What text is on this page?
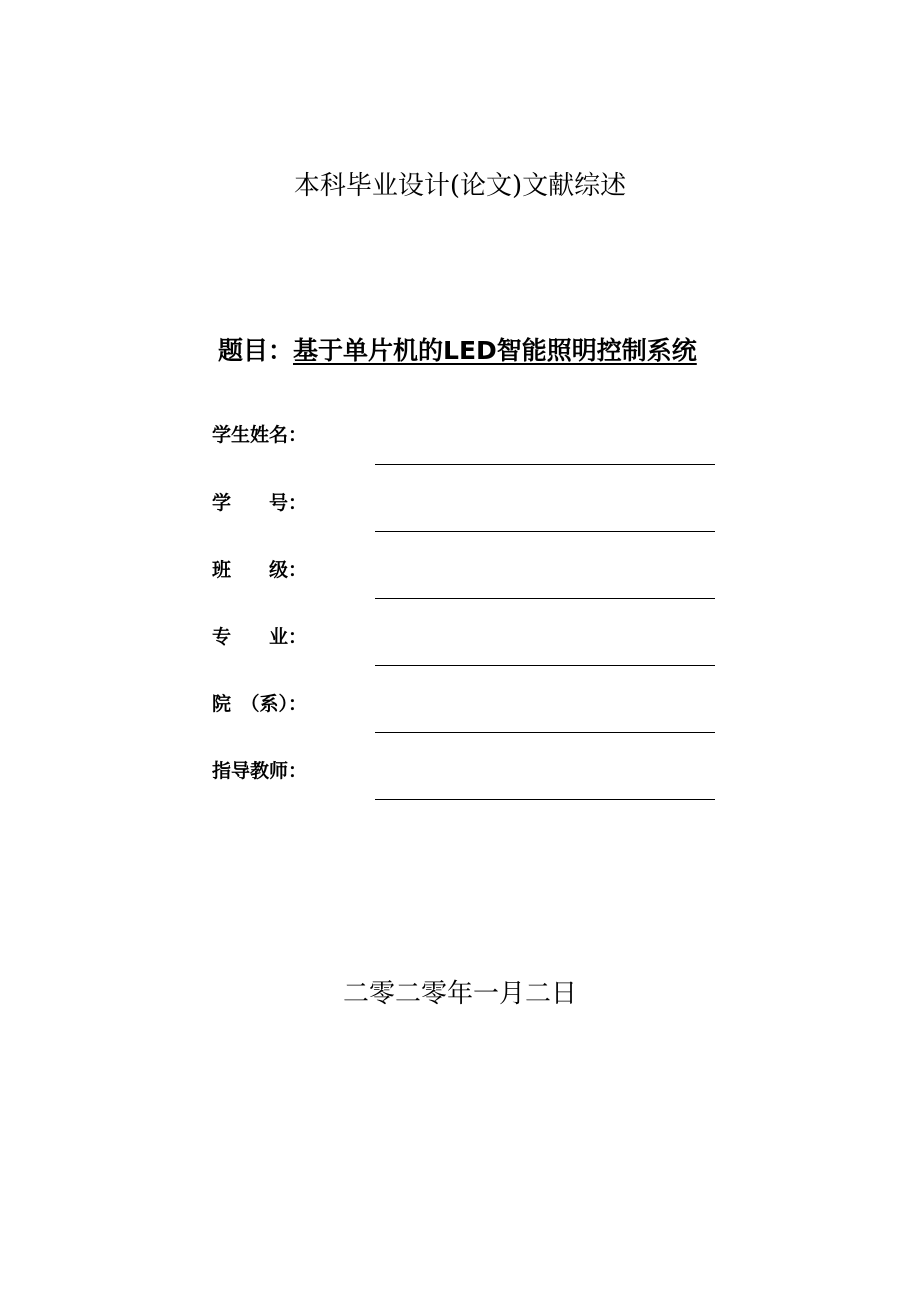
本科毕业设计(论文)文献综述
题目：基于单片机的LED智能照明控制系统
学生姓名：
学　　号：
班　　级：
专　　业：
院　（系）：
指导教师：
二零二零年一月二日
